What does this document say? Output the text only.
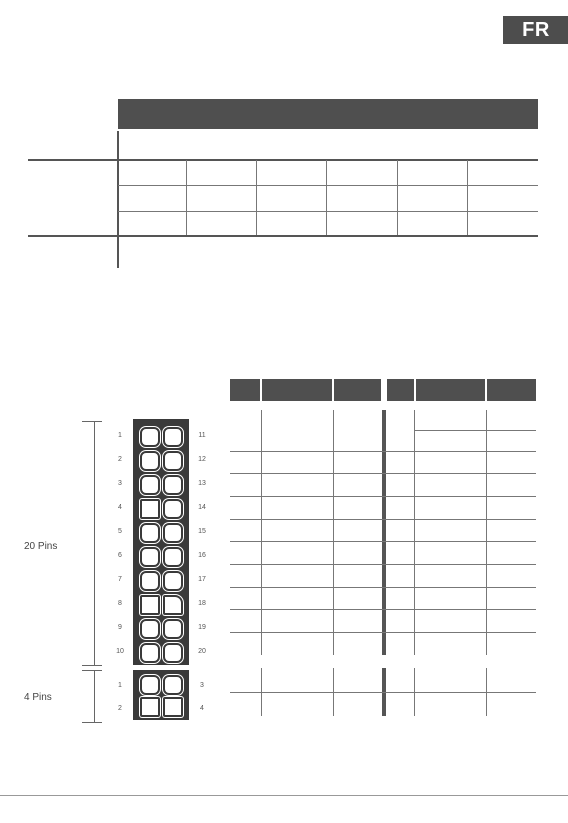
FR
20 Pins
4 Pins
1
2
3
4
5
6
7
8
9
10
11
12
13
14
15
16
17
18
19
20
1
2
3
4
